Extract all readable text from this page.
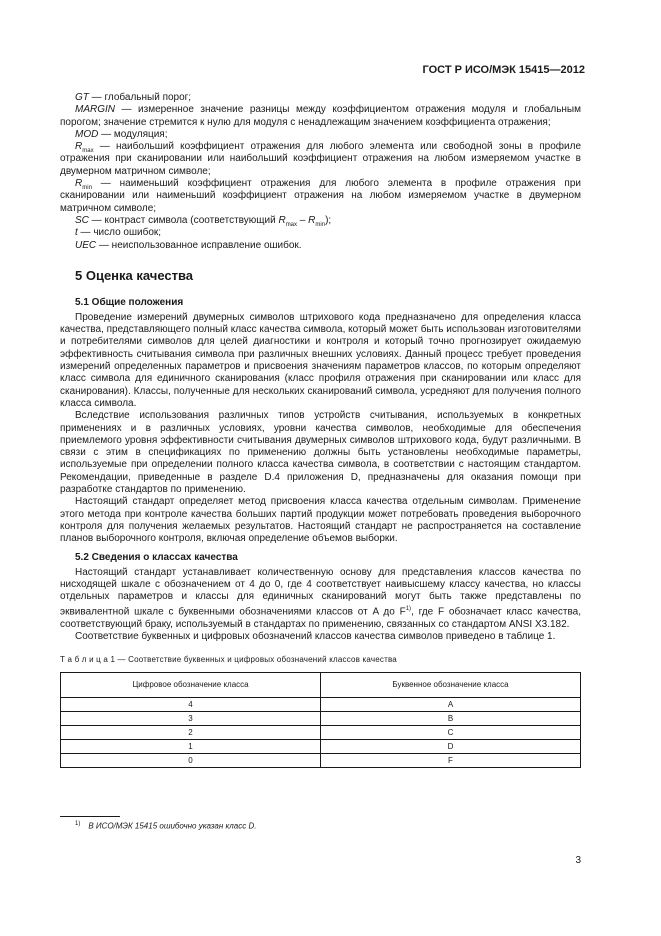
ГОСТ Р ИСО/МЭК 15415—2012

GT — глобальный порог;

MARGIN — измеренное значение разницы между коэффициентом отражения модуля и глобальным порогом; значение стремится к нулю для модуля с ненадлежащим значением коэффициента отражения;

MOD — модуляция;

$R_{max}$ — наибольший коэффициент отражения для любого элемента или свободной зоны в профиле отражения при сканировании или наибольший коэффициент отражения на любом измеряемом участке в двумерном матричном символе;

$R_{min}$ — наименьший коэффициент отражения для любого элемента в профиле отражения при сканировании или наименьший коэффициент отражения на любом измеряемом участке в двумерном матричном символе;

SC — контраст символа (соответствующий $R_{max} - R_{min}$);

t — число ошибок;

UEC — неиспользованное исправление ошибок.

5 Оценка качества
5.1 Общие положения

Проведение измерений двумерных символов штрихового кода предназначено для определения класса качества, представляющего полный класс качества символа, который может быть использован изготовителями и потребителями символов для целей диагностики и контроля и который точно прогнозирует ожидаемую эффективность считывания символа при различных внешних условиях. Данный процесс требует проведения измерений определенных параметров и присвоения значениям параметров классов, по которым определяют класс символа для единичного сканирования (класс профиля отражения при сканировании или класс для сканирования). Классы, полученные для нескольких сканирований символа, усредняют для получения полного класса символа.

Вследствие использования различных типов устройств считывания, используемых в конкретных применениях и в различных условиях, уровни качества символов, необходимые для обеспечения приемлемого уровня эффективности считывания двумерных символов штрихового кода, будут различными. В связи с этим в спецификациях по применению должны быть установлены необходимые параметры, используемые при определении полного класса качества символа, в соответствии с настоящим стандартом. Рекомендации, приведенные в разделе D.4 приложения D, предназначены для оказания помощи при разработке стандартов по применению.

Настоящий стандарт определяет метод присвоения класса качества отдельным символам. Применение этого метода при контроле качества больших партий продукции может потребовать проведения выборочного контроля для получения желаемых результатов. Настоящий стандарт не распространяется на составление планов выборочного контроля, включая определение объемов выборки.

5.2 Сведения о классах качества

Настоящий стандарт устанавливает количественную основу для представления классов качества по нисходящей шкале с обозначением от 4 до 0, где 4 соответствует наивысшему классу качества, но классы отдельных параметров и классы для единичных сканирований могут быть также представлены по эквивалентной шкале с буквенными обозначениями классов от A до $F^{1)}$, где F обозначает класс качества, соответствующий браку, используемый в стандартах по применению, связанных со стандартом ANSI X3.182.

Соответствие буквенных и цифровых обозначений классов качества символов приведено в таблице 1.

Т а б л и ц а 1 — Соответствие буквенных и цифровых обозначений классов качества
Цифровое обозначение класса	Буквенное обозначение класса
4	A
3	B
2	C
1	D
0	F
$^{1)}$ В ИСО/МЭК 15415 ошибочно указан класс D.
3
